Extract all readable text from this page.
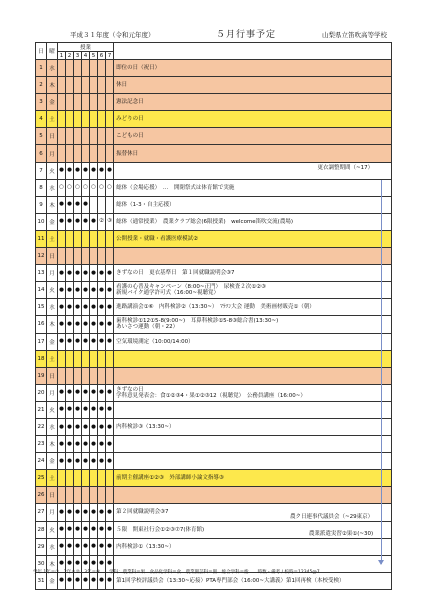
平成３１年度（令和元年度）	５月行事予定	山梨県立笛吹高等学校
日	曜	授業							
		1	2	3	4	5	6	7	
1	水								即位の日（祝日）

2	木								休日

3	金								憲法記念日

4	土								みどりの日

5	日								こどもの日

6	月								振替休日

7	火	●	●	●	●	●	●	●	更衣調整期間（~17）

8	水	○	○	○	○	○	○	○	総体（会場応援）　…　開閉祭式は体育館で実施

9	木	●	●	●	●				総体（1-3・自主応援）

10	金	●	●	●	●	●	②	③	総体（通常授業）　農業クラブ総会(6限授業)　welcome笛吹交流(農場)

11	土								公開授業・就職・看護医療模試②

12	日								

13	月	●	●	●	●	●	●	●	きずなの日　更衣基準日　第１回就職説明会③7

14	火	●	●	●	●	●	●	●	看護の心普及キャンペーン（8:00~正門）　尿検査２次①②③
新規バイク通学許可式（16:00~視聴覚）

15	水	●	●	●	●	●	●	●	進路講演会①⑥　内科検診②（13:30~）　ﾏﾗｿﾝ大会 運動　美術画材販売①（朝）

16	木	●	●	●	●	●	●	●	歯科検診①12①5-8(9:00~)　耳鼻科検診①5-8③総合書(13:30~)
あいさつ運動（朝・22）

17	金	●	●	●	●	●	●	●	空気環境測定（10:00/14:00）

18	土								

19	日								

20	月	●	●	●	●	●	●	●	きずなの日
学科意見発表会：食①②③4・果①②③12（視聴覚）　公務員講座（16:00~）

21	火	●	●	●	●	●	●	●	

22	水	●	●	●	●	●	●	●	内科検診③（13:30~）

23	木	●	●	●	●	●	●	●	

24	金	●	●	●	●	●	●	●	

25	土								前期主催講座①②③　外部講師小論文指導③

26	日								

27	月	●	●	●	●	●	●	●	第２回就職説明会③7
農ク日連事代議員会（~29東京）

28	火	●	●	●	●	●	●	●	５限　開東社行会①②③⑦7(体育館)
農業派遣実習②果①(~30)

29	水	●	●	●	●	●	●	●	内科検診①（13:30~）

30	木	●	●	●	●	●	●	●	

31	金	●	●	●	●	●	●	●	第1回学校評議員会（13:30~応接）PTA専門部会（16:00~大講義）第1回再検（本校受検）
学年 1年＝①　2年＝②　3年＝③　　学科：農業科＝果　食品化学科＝食　農業園芸科＝園　総合学科＝総　　時数・備考 / 校時＝12345@7
